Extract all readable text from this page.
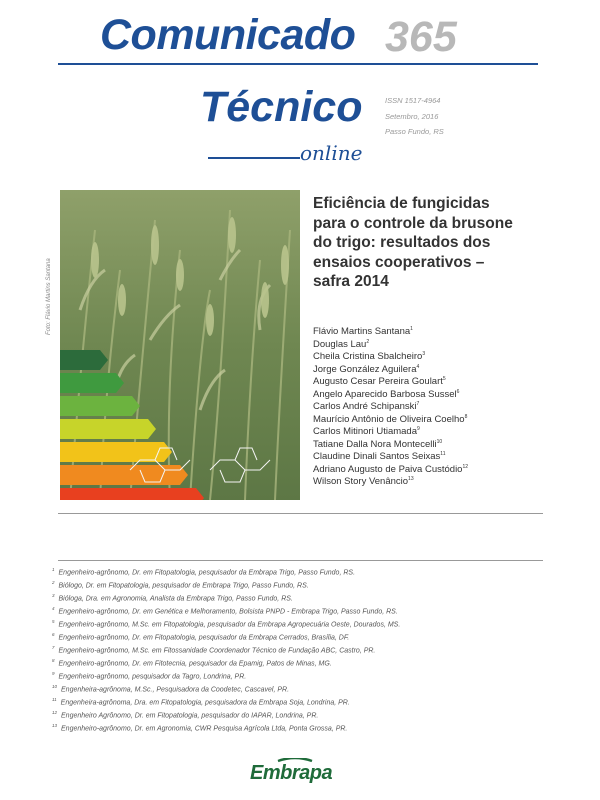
Comunicado 365
Técnico	ISSN 1517-4964
Setembro, 2016
Passo Fundo, RS
online
Foto: Flávio Martins Santana
Eficiência de fungicidas
para o controle da brusone
do trigo: resultados dos
ensaios cooperativos –
safra 2014
Flávio Martins Santana$^1$
Douglas Lau$^2$
Cheila Cristina Sbalcheiro$^3$
Jorge González Aguilera$^4$
Augusto Cesar Pereira Goulart$^5$
Angelo Aparecido Barbosa Sussel$^6$
Carlos André Schipanski$^7$
Maurício Antônio de Oliveira Coelho$^8$
Carlos Mitinori Utiamada$^9$
Tatiane Dalla Nora Montecelli$^{10}$
Claudine Dinali Santos Seixas$^{11}$
Adriano Augusto de Paiva Custódio$^{12}$
Wilson Story Venâncio$^{13}$
$^1$ Engenheiro-agrônomo, Dr. em Fitopatologia, pesquisador da Embrapa Trigo, Passo Fundo, RS.
$^2$ Biólogo, Dr. em Fitopatologia, pesquisador de Embrapa Trigo, Passo Fundo, RS.
$^3$ Bióloga, Dra. em Agronomia, Analista da Embrapa Trigo, Passo Fundo, RS.
$^4$ Engenheiro-agrônomo, Dr. em Genética e Melhoramento, Bolsista PNPD - Embrapa Trigo, Passo Fundo, RS.
$^5$ Engenheiro-agrônomo, M.Sc. em Fitopatologia, pesquisador da Embrapa Agropecuária Oeste, Dourados, MS.
$^6$ Engenheiro-agrônomo, Dr. em Fitopatologia, pesquisador da Embrapa Cerrados, Brasília, DF.
$^7$ Engenheiro-agrônomo, M.Sc. em Fitossanidade Coordenador Técnico de Fundação ABC, Castro, PR.
$^8$ Engenheiro-agrônomo, Dr. em Fitotecnia, pesquisador da Epamig, Patos de Minas, MG.
$^9$ Engenheiro-agrônomo, pesquisador da Tagro, Londrina, PR.
$^{10}$ Engenheira-agrônoma, M.Sc., Pesquisadora da Coodetec, Cascavel, PR.
$^{11}$ Engenheira-agrônoma, Dra. em Fitopatologia, pesquisadora da Embrapa Soja, Londrina, PR.
$^{12}$ Engenheiro Agrônomo, Dr. em Fitopatologia, pesquisador do IAPAR, Londrina, PR.
$^{13}$ Engenheiro-agrônomo, Dr. em Agronomia, CWR Pesquisa Agrícola Ltda, Ponta Grossa, PR.
Embrapa
